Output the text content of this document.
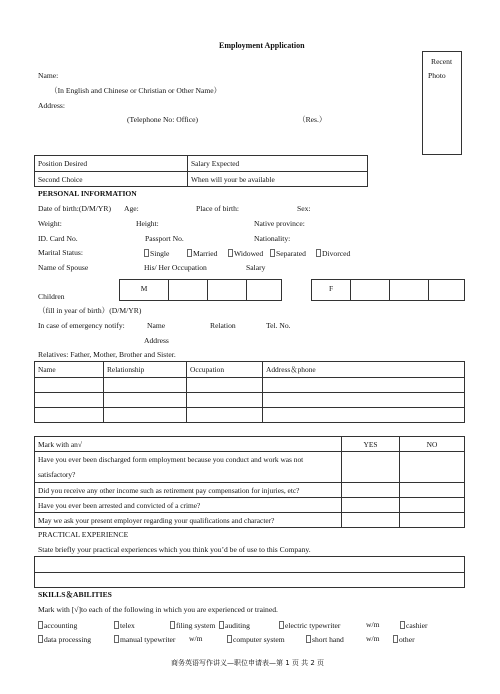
Employment Application
Recent
Photo
Name:
（In English and Chinese or Christian or Other Name）
Address:
(Telephone No: Office)	（Res.）
Position Desired	Salary Expected
Second Choice	When will your be available
PERSONAL INFORMATION
Date of birth:(D/M/YR) Age:	Place of birth:	Sex:
Weight:	Height:	Native province:
ID. Card No.	Passport No.	Nationality:
Marital Status:	Single	Married	Widowed	Separated	Divorced
Name of Spouse	His/ Her Occupation	Salary
Children
M				F			
（fill in year of birth）(D/M/YR)
In case of emergency notify:	Name	Relation	Tel. No.
Address
Relatives: Father, Mother, Brother and Sister.
Name	Relationship	Occupation	Address＆phone

Mark with an√	YES	NO
Have you ever been discharged form employment because you conduct and work was not		
satisfactory?		
Did you receive any other income such as retirement pay compensation for injuries, etc?		
Have you ever been arrested and convicted of a crime?		
May we ask your present employer regarding your qualifications and character?		
PRACTICAL EXPERIENCE
State briefly your practical experiences which you think you’d be of use to this Company.

SKILLS＆ABILITIES
Mark with [√]to each of the following in which you are experienced or trained.
accounting	telex	filing system	auditing	electric typewriter	w/m	cashier
data processing	manual typewriter w/m	computer system	short hand	w/m	other
商务英语写作讲义—职位申请表—第 1 页 共 2 页
